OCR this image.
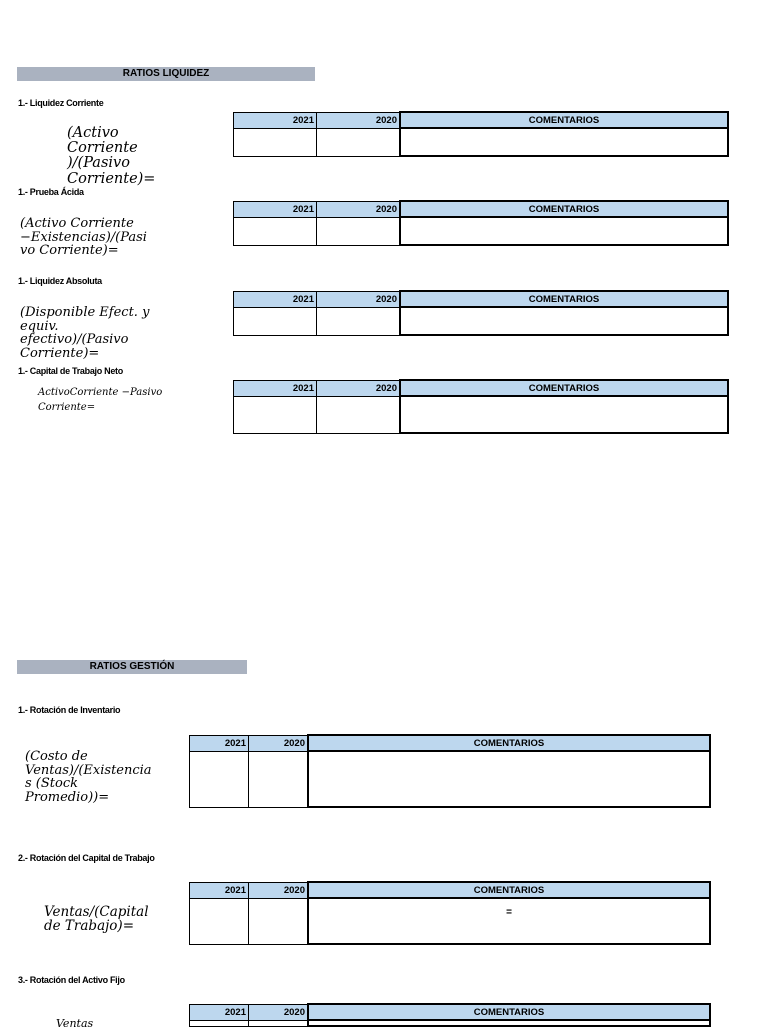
RATIOS LIQUIDEZ
1.- Liquidez Corriente
(Activo
Corriente
)/(Pasivo
Corriente)=
2021	2020	COMENTARIOS

1.- Prueba Ácida
(Activo Corriente
−Existencias)/(Pasi
vo Corriente)=
2021	2020	COMENTARIOS

1.- Liquidez Absoluta
(Disponible Efect. y
equiv.
efectivo)/(Pasivo
Corriente)=
2021	2020	COMENTARIOS

1.- Capital de Trabajo Neto
ActivoCorriente −Pasivo
Corriente=
2021	2020	COMENTARIOS

RATIOS GESTIÓN
1.- Rotación de Inventario
(Costo de
Ventas)/(Existencia
s (Stock
Promedio))=
2021	2020	COMENTARIOS

2.- Rotación del Capital de Trabajo
Ventas/(Capital
de Trabajo)=
2021	2020	COMENTARIOS
		=
3.- Rotación del Activo Fijo
Ventas
2021	2020	COMENTARIOS
